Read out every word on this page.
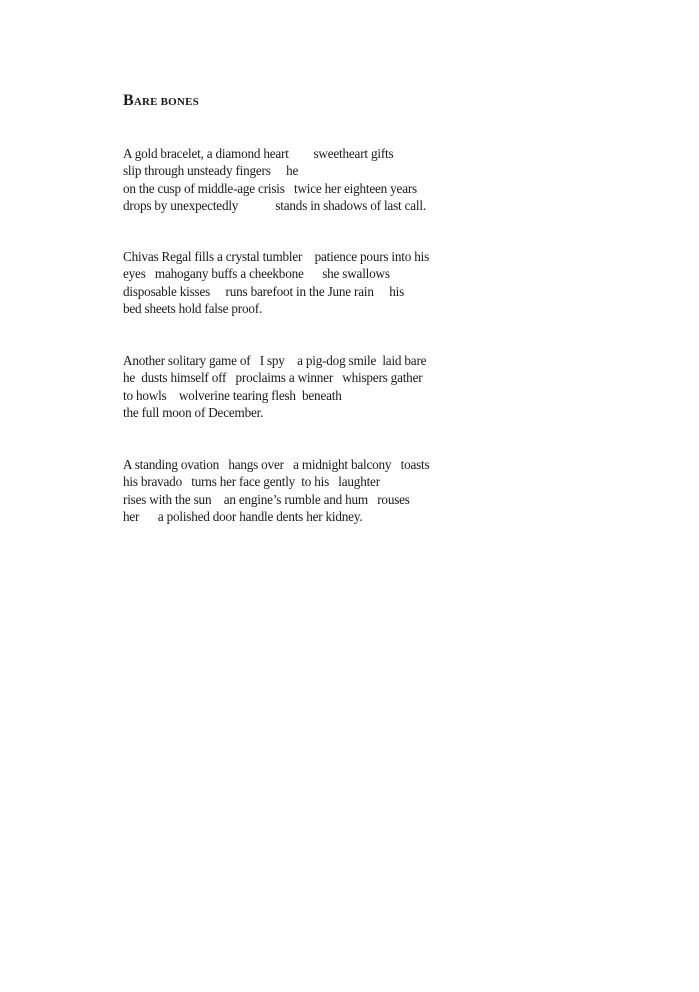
BARE BONES

A gold bracelet, a diamond heart        sweetheart gifts
slip through unsteady fingers     he
on the cusp of middle-age crisis   twice her eighteen years
drops by unexpectedly            stands in shadows of last call.

Chivas Regal fills a crystal tumbler    patience pours into his
eyes   mahogany buffs a cheekbone      she swallows
disposable kisses     runs barefoot in the June rain     his
bed sheets hold false proof.

Another solitary game of   I spy    a pig-dog smile  laid bare
he  dusts himself off   proclaims a winner   whispers gather
to howls    wolverine tearing flesh  beneath
the full moon of December.

A standing ovation   hangs over   a midnight balcony   toasts
his bravado   turns her face gently  to his   laughter
rises with the sun    an engine’s rumble and hum   rouses
her      a polished door handle dents her kidney.
